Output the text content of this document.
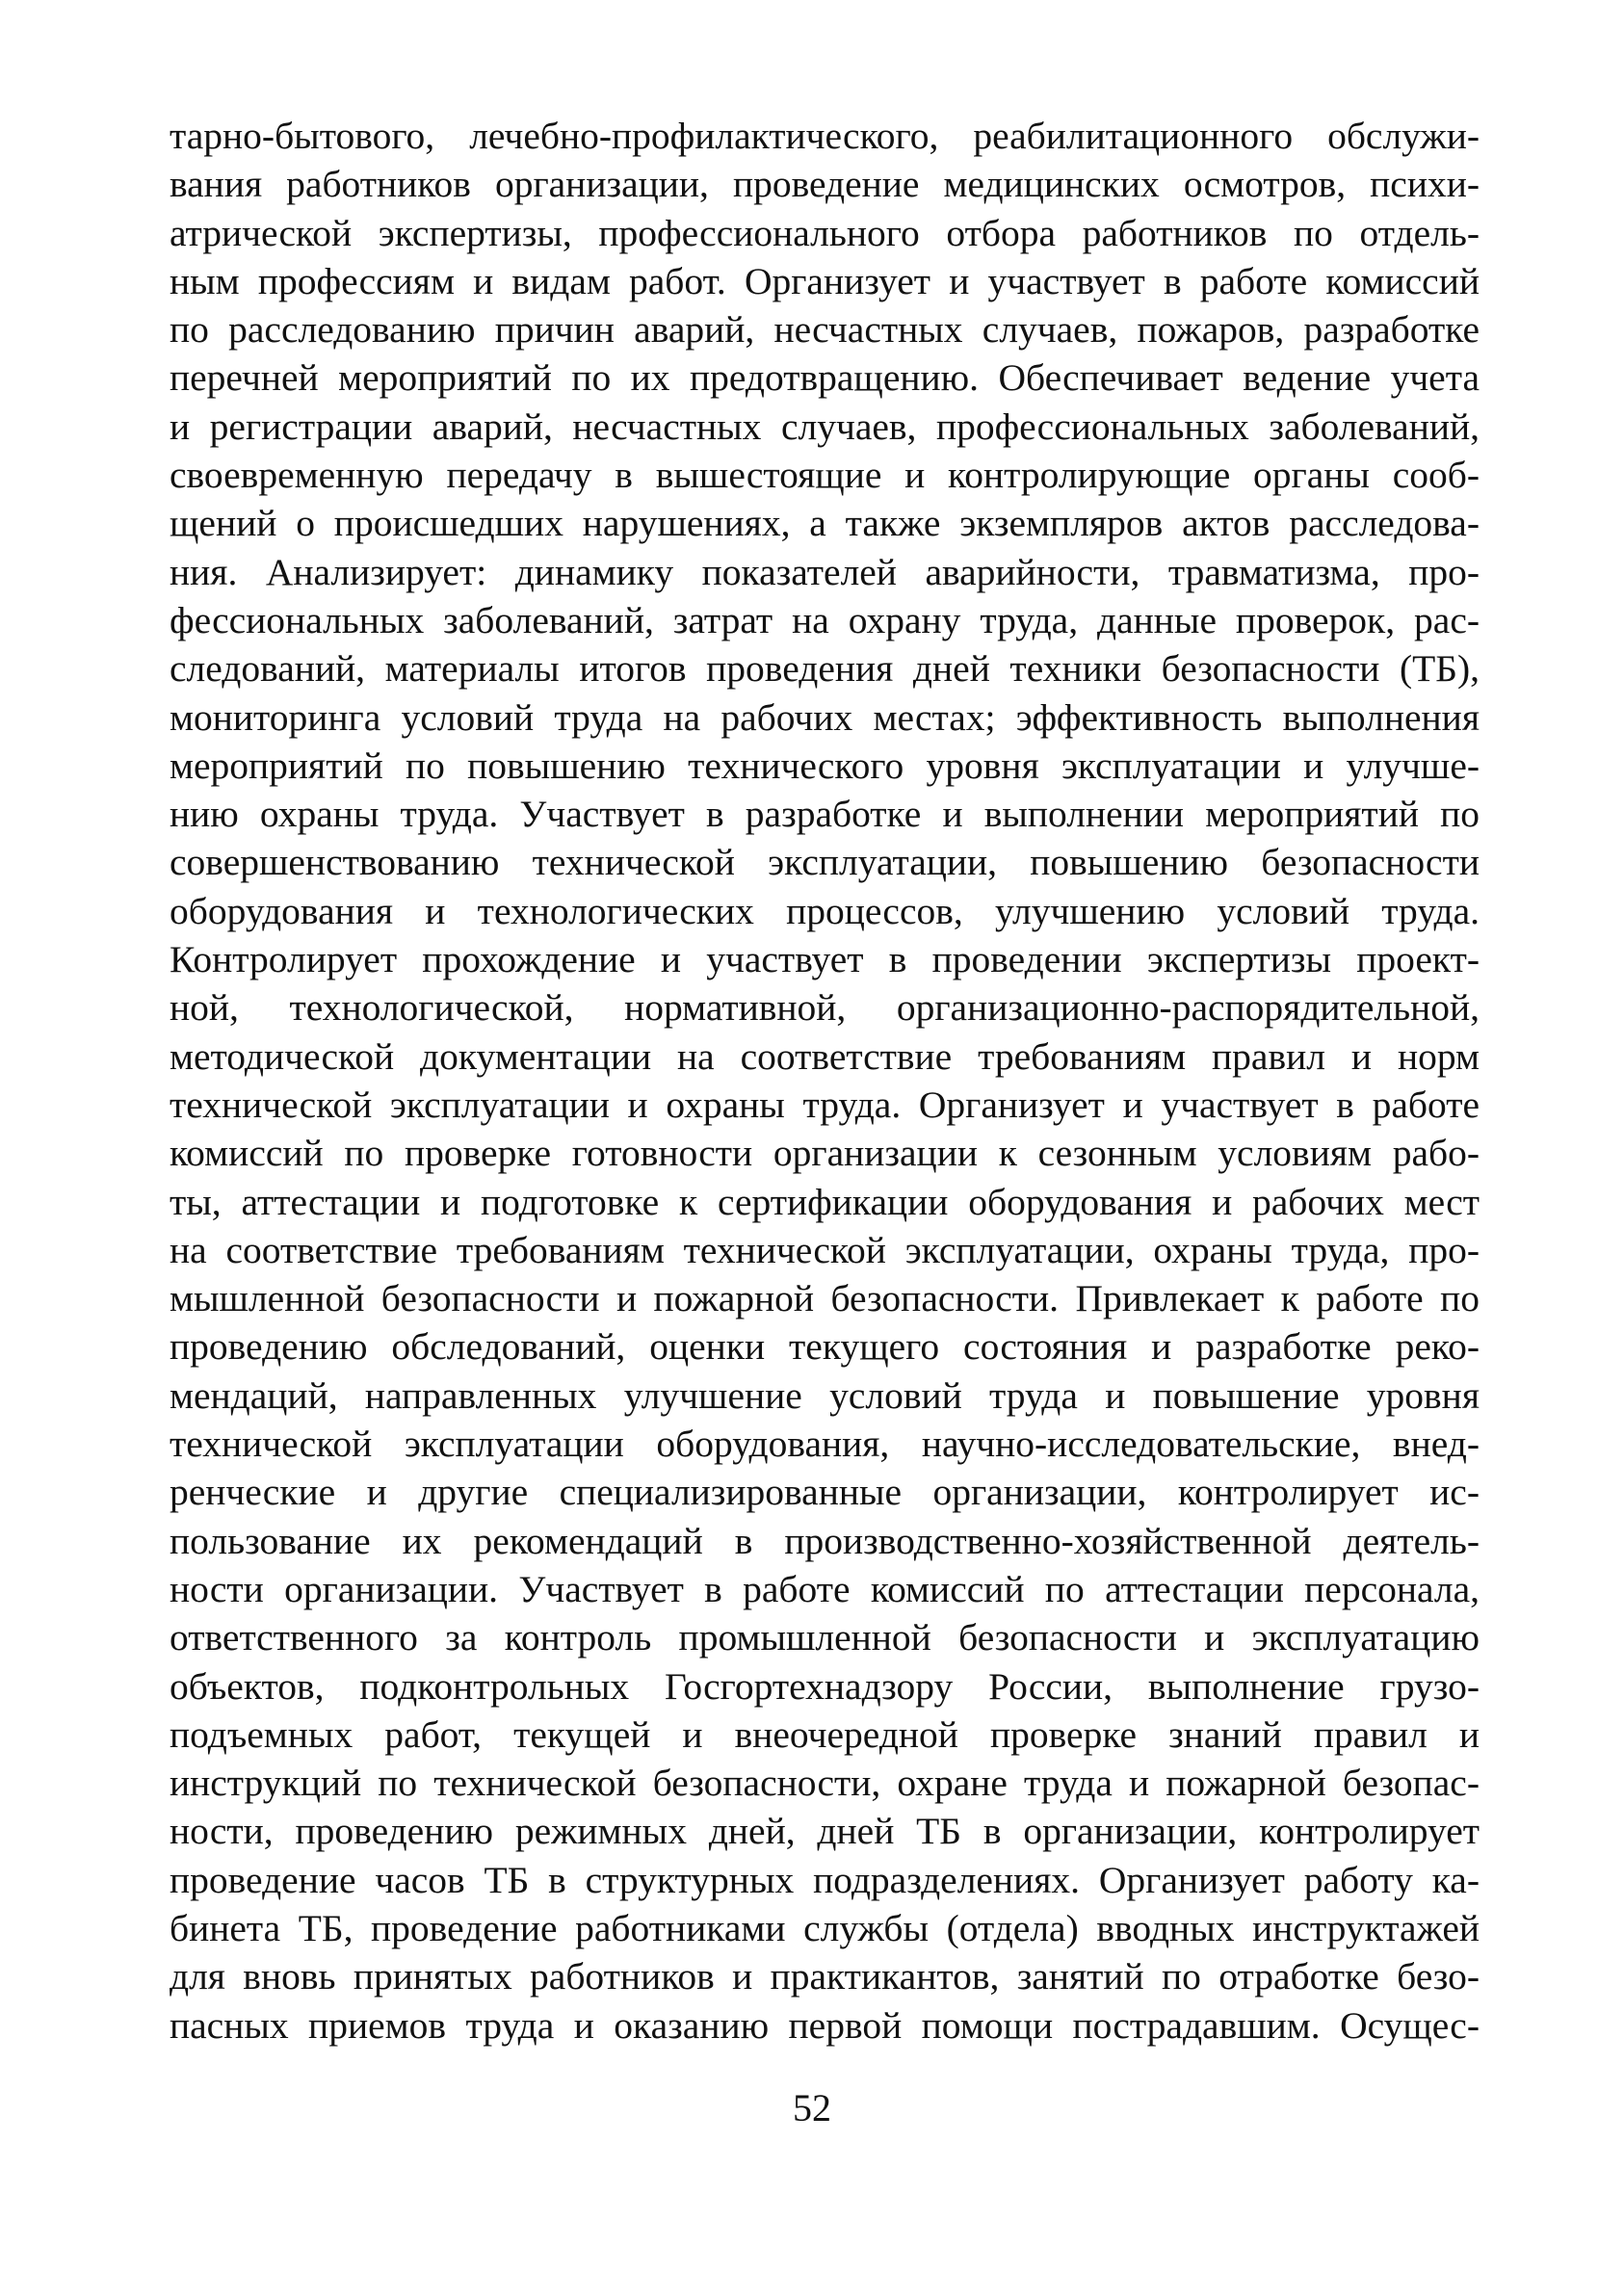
тарно-бытового, лечебно-профилактического, реабилитационного обслужи-
вания работников организации, проведение медицинских осмотров, психи-
атрической экспертизы, профессионального отбора работников по отдель-
ным профессиям и видам работ. Организует и участвует в работе комиссий
по расследованию причин аварий, несчастных случаев, пожаров, разработке
перечней мероприятий по их предотвращению. Обеспечивает ведение учета
и регистрации аварий, несчастных случаев, профессиональных заболеваний,
своевременную передачу в вышестоящие и контролирующие органы сооб-
щений о происшедших нарушениях, а также экземпляров актов расследова-
ния. Анализирует: динамику показателей аварийности, травматизма, про-
фессиональных заболеваний, затрат на охрану труда, данные проверок, рас-
следований, материалы итогов проведения дней техники безопасности (ТБ),
мониторинга условий труда на рабочих местах; эффективность выполнения
мероприятий по повышению технического уровня эксплуатации и улучше-
нию охраны труда. Участвует в разработке и выполнении мероприятий по
совершенствованию технической эксплуатации, повышению безопасности
оборудования и технологических процессов, улучшению условий труда.
Контролирует прохождение и участвует в проведении экспертизы проект-
ной, технологической, нормативной, организационно-распорядительной,
методической документации на соответствие требованиям правил и норм
технической эксплуатации и охраны труда. Организует и участвует в работе
комиссий по проверке готовности организации к сезонным условиям рабо-
ты, аттестации и подготовке к сертификации оборудования и рабочих мест
на соответствие требованиям технической эксплуатации, охраны труда, про-
мышленной безопасности и пожарной безопасности. Привлекает к работе по
проведению обследований, оценки текущего состояния и разработке реко-
мендаций, направленных улучшение условий труда и повышение уровня
технической эксплуатации оборудования, научно-исследовательские, внед-
ренческие и другие специализированные организации, контролирует ис-
пользование их рекомендаций в производственно-хозяйственной деятель-
ности организации. Участвует в работе комиссий по аттестации персонала,
ответственного за контроль промышленной безопасности и эксплуатацию
объектов, подконтрольных Госгортехнадзору России, выполнение грузо-
подъемных работ, текущей и внеочередной проверке знаний правил и
инструкций по технической безопасности, охране труда и пожарной безопас-
ности, проведению режимных дней, дней ТБ в организации, контролирует
проведение часов ТБ в структурных подразделениях. Организует работу ка-
бинета ТБ, проведение работниками службы (отдела) вводных инструктажей
для вновь принятых работников и практикантов, занятий по отработке безо-
пасных приемов труда и оказанию первой помощи пострадавшим. Осущес-
52
